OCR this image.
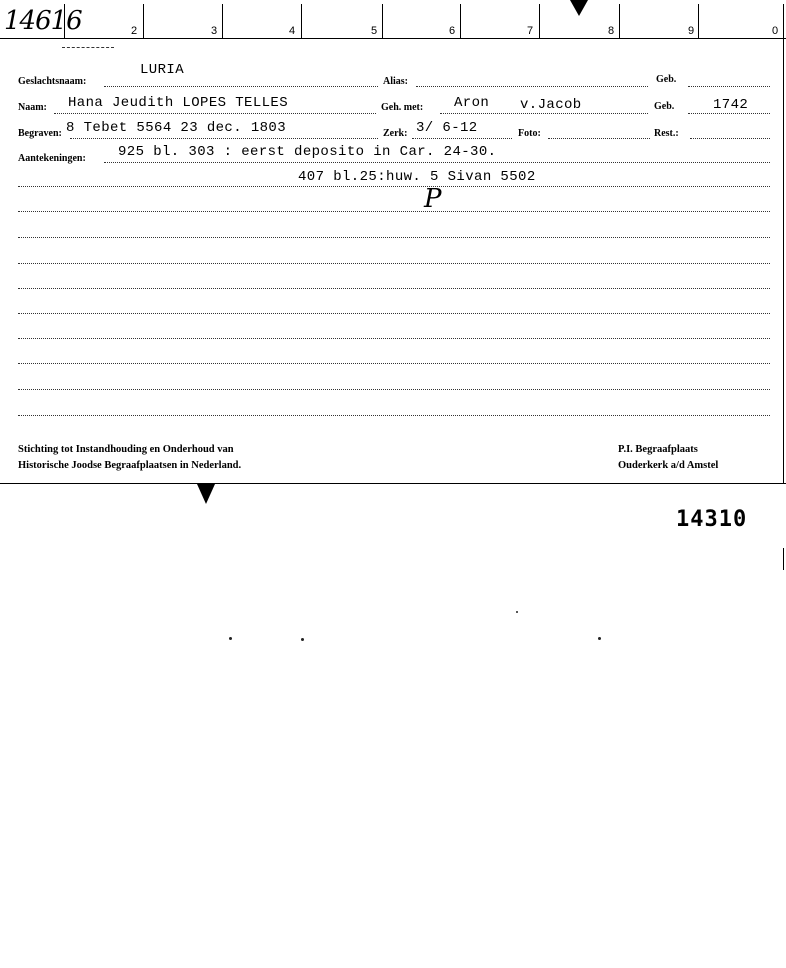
14616	2	3	4	5	6	7	8	9	0
Geslachtsnaam:
LURIA
Alias:	Geb.
Naam: Hana Jeudith LOPES TELLES	Geh. met: Aron v.Jacob	Geb.	1742
Begraven: 8 Tebet 5564 23 dec. 1803	Zerk: 3/ 6-12	Foto:	Rest.:
Aantekeningen: 925 bl. 303 : eerst deposito in Car. 24-30.
407 bl.25:huw. 5 Sivan 5502
P
Stichting tot Instandhouding en Onderhoud van
Historische Joodse Begraafplaatsen in Nederland.
P.I. Begraafplaats
Ouderkerk a/d Amstel
14310
